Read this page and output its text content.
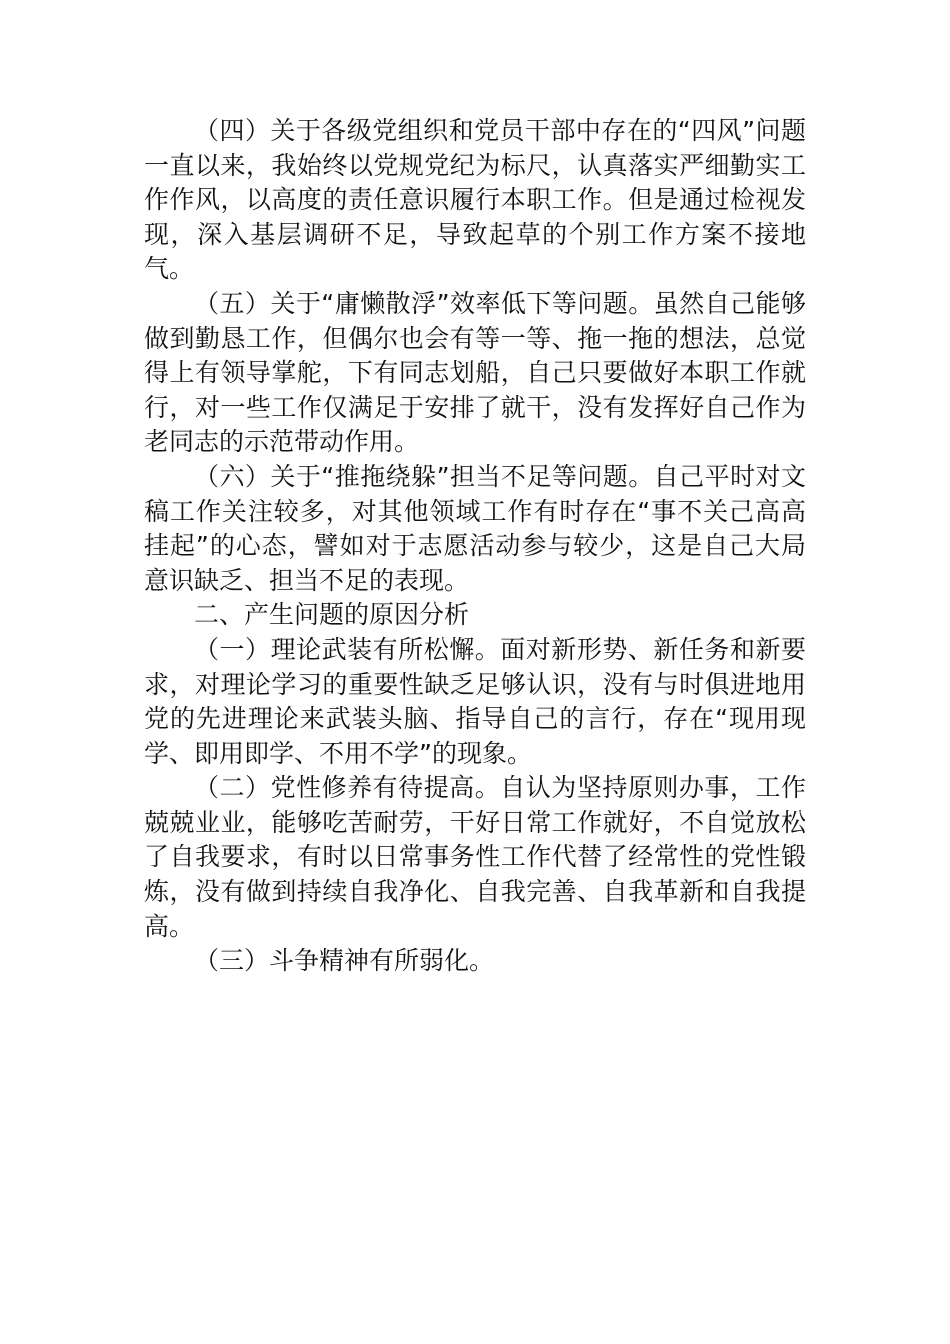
（四）关于各级党组织和党员干部中存在的“四风”问题一直以来，我始终以党规党纪为标尺，认真落实严细勤实工作作风，以高度的责任意识履行本职工作。但是通过检视发现，深入基层调研不足，导致起草的个别工作方案不接地气。

（五）关于“庸懒散浮”效率低下等问题。虽然自己能够做到勤恳工作，但偶尔也会有等一等、拖一拖的想法，总觉得上有领导掌舵，下有同志划船，自己只要做好本职工作就行，对一些工作仅满足于安排了就干，没有发挥好自己作为老同志的示范带动作用。

（六）关于“推拖绕躲”担当不足等问题。自己平时对文稿工作关注较多，对其他领域工作有时存在“事不关己高高挂起”的心态，譬如对于志愿活动参与较少，这是自己大局意识缺乏、担当不足的表现。

二、产生问题的原因分析

（一）理论武装有所松懈。面对新形势、新任务和新要求，对理论学习的重要性缺乏足够认识，没有与时俱进地用党的先进理论来武装头脑、指导自己的言行，存在“现用现学、即用即学、不用不学”的现象。

（二）党性修养有待提高。自认为坚持原则办事，工作兢兢业业，能够吃苦耐劳，干好日常工作就好，不自觉放松了自我要求，有时以日常事务性工作代替了经常性的党性锻炼，没有做到持续自我净化、自我完善、自我革新和自我提高。

（三）斗争精神有所弱化。
